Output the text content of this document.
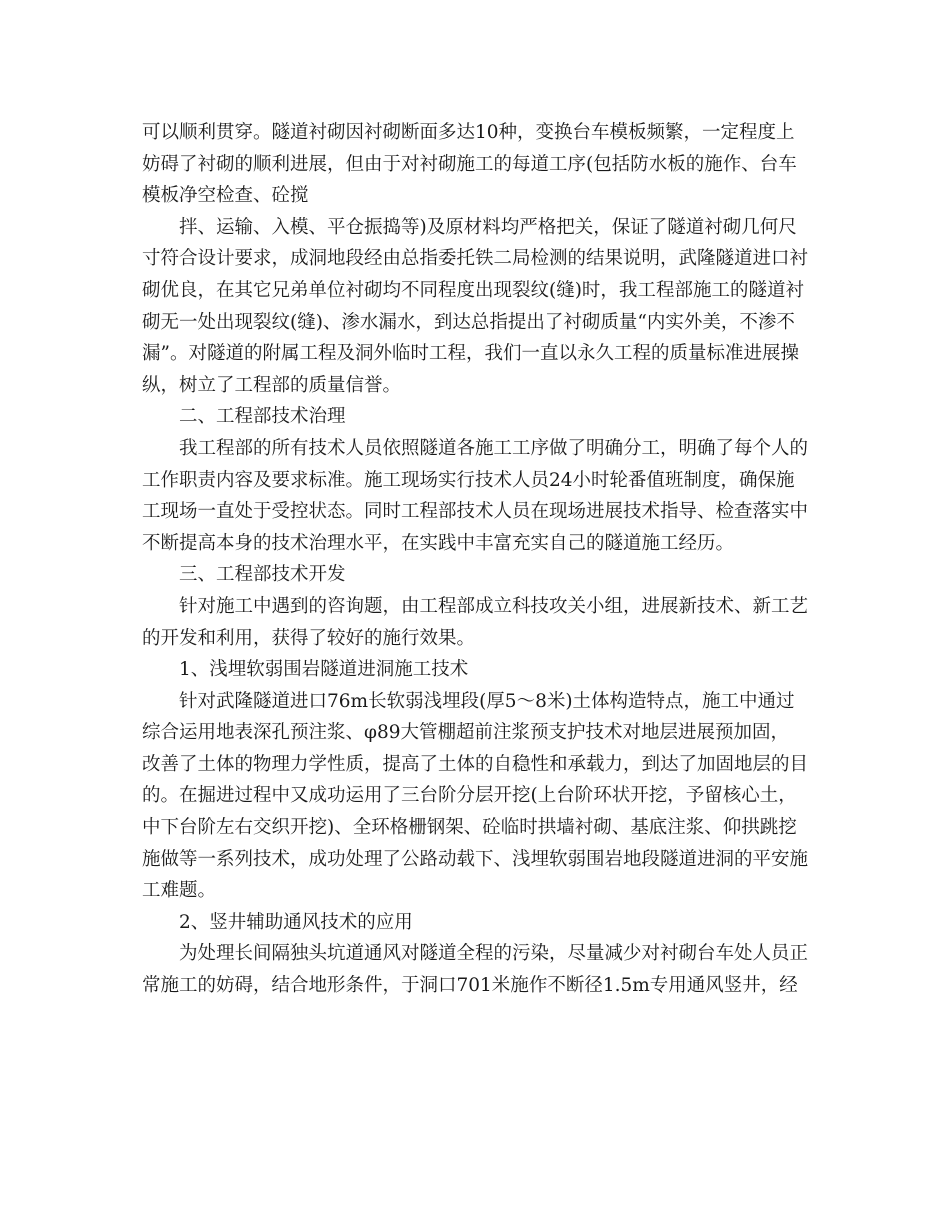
可以顺利贯穿。隧道衬砌因衬砌断面多达10种，变换台车模板频繁，一定程度上
妨碍了衬砌的顺利进展，但由于对衬砌施工的每道工序(包括防水板的施作、台车
模板净空检查、砼搅
拌、运输、入模、平仓振捣等)及原材料均严格把关，保证了隧道衬砌几何尺
寸符合设计要求，成洞地段经由总指委托铁二局检测的结果说明，武隆隧道进口衬
砌优良，在其它兄弟单位衬砌均不同程度出现裂纹(缝)时，我工程部施工的隧道衬
砌无一处出现裂纹(缝)、渗水漏水，到达总指提出了衬砌质量“内实外美，不渗不
漏”。对隧道的附属工程及洞外临时工程，我们一直以永久工程的质量标准进展操
纵，树立了工程部的质量信誉。
二、工程部技术治理
我工程部的所有技术人员依照隧道各施工工序做了明确分工，明确了每个人的
工作职责内容及要求标准。施工现场实行技术人员24小时轮番值班制度，确保施
工现场一直处于受控状态。同时工程部技术人员在现场进展技术指导、检查落实中
不断提高本身的技术治理水平，在实践中丰富充实自己的隧道施工经历。
三、工程部技术开发
针对施工中遇到的咨询题，由工程部成立科技攻关小组，进展新技术、新工艺
的开发和利用，获得了较好的施行效果。
1、浅埋软弱围岩隧道进洞施工技术
针对武隆隧道进口76m长软弱浅埋段(厚5～8米)土体构造特点，施工中通过
综合运用地表深孔预注浆、φ89大管棚超前注浆预支护技术对地层进展预加固，
改善了土体的物理力学性质，提高了土体的自稳性和承载力，到达了加固地层的目
的。在掘进过程中又成功运用了三台阶分层开挖(上台阶环状开挖，予留核心土，
中下台阶左右交织开挖)、全环格栅钢架、砼临时拱墙衬砌、基底注浆、仰拱跳挖
施做等一系列技术，成功处理了公路动载下、浅埋软弱围岩地段隧道进洞的平安施
工难题。
2、竖井辅助通风技术的应用
为处理长间隔独头坑道通风对隧道全程的污染，尽量减少对衬砌台车处人员正
常施工的妨碍，结合地形条件，于洞口701米施作不断径1.5m专用通风竖井，经
